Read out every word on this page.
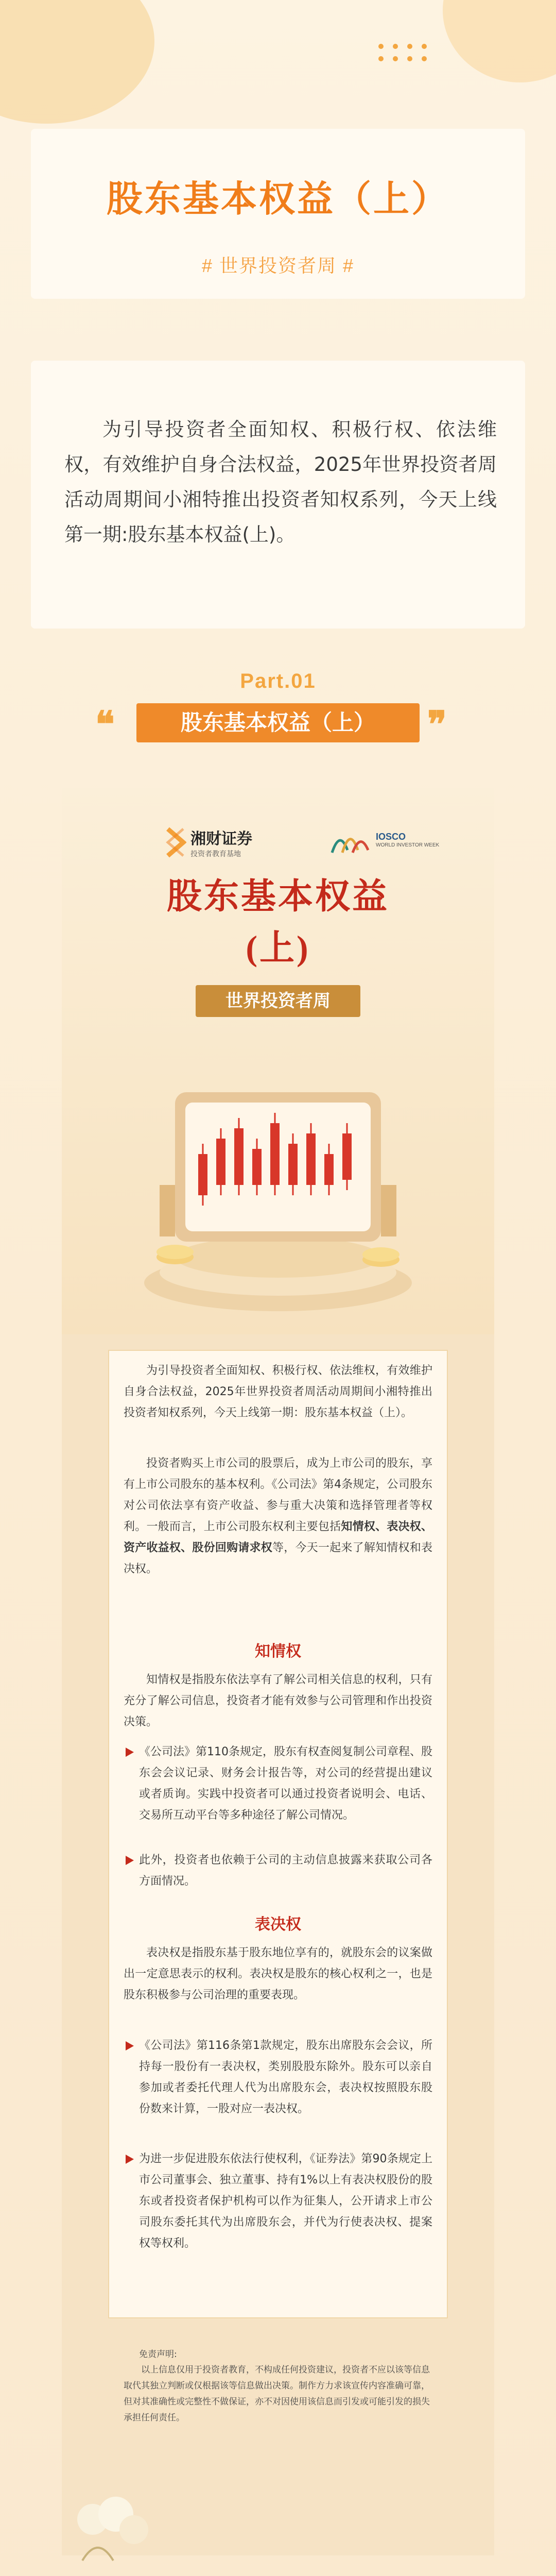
股东基本权益（上）
# 世界投资者周 #
为引导投资者全面知权、积极行权、依法维权，有效维护自身合法权益，2025年世界投资者周活动周期间小湘特推出投资者知权系列，今天上线第一期:股东基本权益(上)。
Part.01
❝	股东基本权益（上）	❞
湘财证券
投资者教育基地
IOSCO
WORLD INVESTOR WEEK
股东基本权益
(上)
世界投资者周
为引导投资者全面知权、积极行权、依法维权，有效维护自身合法权益，2025年世界投资者周活动周期间小湘特推出投资者知权系列，今天上线第一期：股东基本权益（上）。
投资者购买上市公司的股票后，成为上市公司的股东，享有上市公司股东的基本权利。《公司法》第4条规定，公司股东对公司依法享有资产收益、参与重大决策和选择管理者等权利。一般而言，上市公司股东权利主要包括知情权、表决权、资产收益权、股份回购请求权等，今天一起来了解知情权和表决权。
知情权
知情权是指股东依法享有了解公司相关信息的权利，只有充分了解公司信息，投资者才能有效参与公司管理和作出投资决策。
《公司法》第110条规定，股东有权查阅复制公司章程、股东会会议记录、财务会计报告等，对公司的经营提出建议或者质询。实践中投资者可以通过投资者说明会、电话、交易所互动平台等多种途径了解公司情况。
此外，投资者也依赖于公司的主动信息披露来获取公司各方面情况。
表决权
表决权是指股东基于股东地位享有的，就股东会的议案做出一定意思表示的权利。表决权是股东的核心权利之一，也是股东积极参与公司治理的重要表现。
《公司法》第116条第1款规定，股东出席股东会会议，所持每一股份有一表决权，类别股股东除外。股东可以亲自参加或者委托代理人代为出席股东会，表决权按照股东股份数来计算，一股对应一表决权。
为进一步促进股东依法行使权利，《证券法》第90条规定上市公司董事会、独立董事、持有1%以上有表决权股份的股东或者投资者保护机构可以作为征集人，公开请求上市公司股东委托其代为出席股东会，并代为行使表决权、提案权等权利。
免责声明:
以上信息仅用于投资者教育，不构成任何投资建议，投资者不应以该等信息取代其独立判断或仅根据该等信息做出决策。制作方力求该宣传内容准确可靠，但对其准确性或完整性不做保证，亦不对因使用该信息而引发或可能引发的损失承担任何责任。
